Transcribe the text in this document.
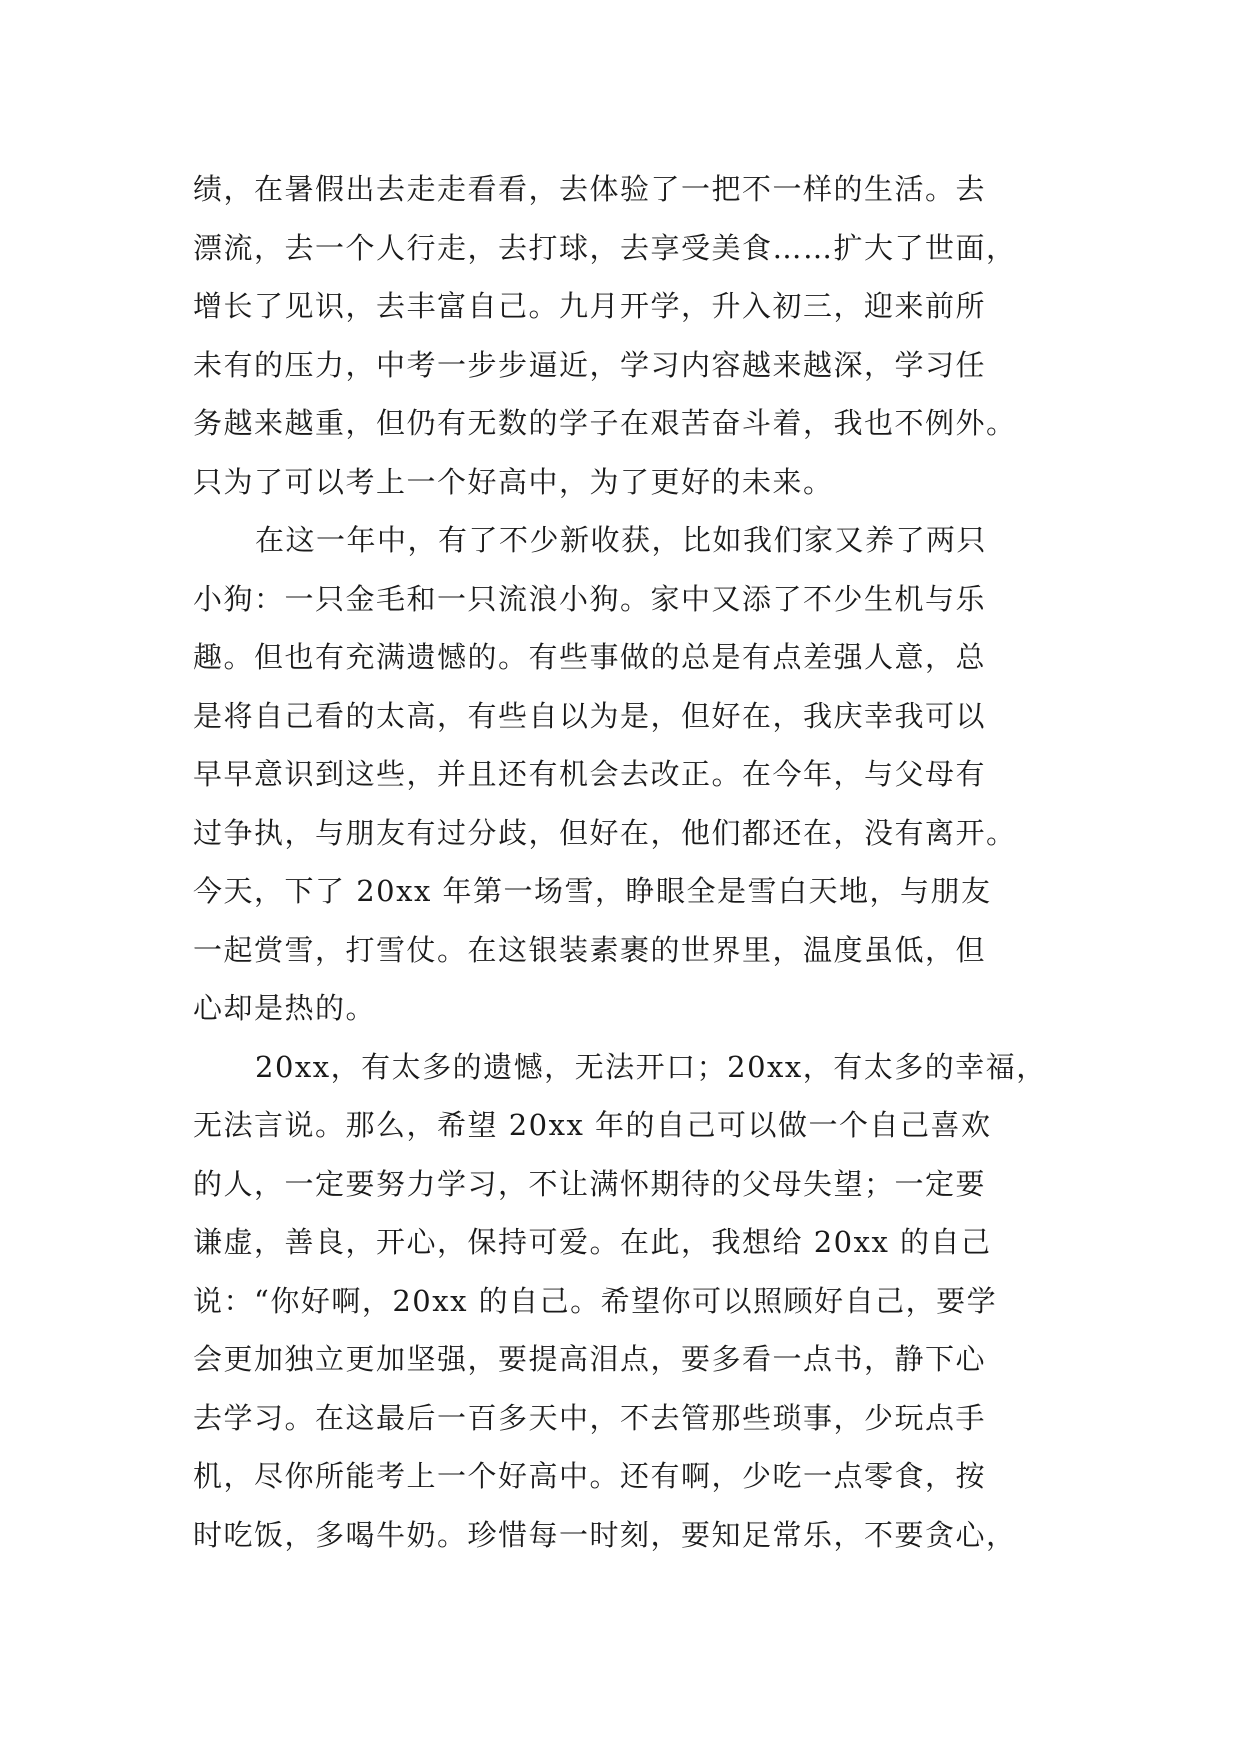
绩，在暑假出去走走看看，去体验了一把不一样的生活。去
漂流，去一个人行走，去打球，去享受美食……扩大了世面，
增长了见识，去丰富自己。九月开学，升入初三，迎来前所
未有的压力，中考一步步逼近，学习内容越来越深，学习任
务越来越重，但仍有无数的学子在艰苦奋斗着，我也不例外。
只为了可以考上一个好高中，为了更好的未来。
在这一年中，有了不少新收获，比如我们家又养了两只
小狗：一只金毛和一只流浪小狗。家中又添了不少生机与乐
趣。但也有充满遗憾的。有些事做的总是有点差强人意，总
是将自己看的太高，有些自以为是，但好在，我庆幸我可以
早早意识到这些，并且还有机会去改正。在今年，与父母有
过争执，与朋友有过分歧，但好在，他们都还在，没有离开。
今天，下了 20xx 年第一场雪，睁眼全是雪白天地，与朋友
一起赏雪，打雪仗。在这银装素裹的世界里，温度虽低，但
心却是热的。
20xx，有太多的遗憾，无法开口；20xx，有太多的幸福，
无法言说。那么，希望 20xx 年的自己可以做一个自己喜欢
的人，一定要努力学习，不让满怀期待的父母失望；一定要
谦虚，善良，开心，保持可爱。在此，我想给 20xx 的自己
说：“你好啊，20xx 的自己。希望你可以照顾好自己，要学
会更加独立更加坚强，要提高泪点，要多看一点书，静下心
去学习。在这最后一百多天中，不去管那些琐事，少玩点手
机，尽你所能考上一个好高中。还有啊，少吃一点零食，按
时吃饭，多喝牛奶。珍惜每一时刻，要知足常乐，不要贪心，
